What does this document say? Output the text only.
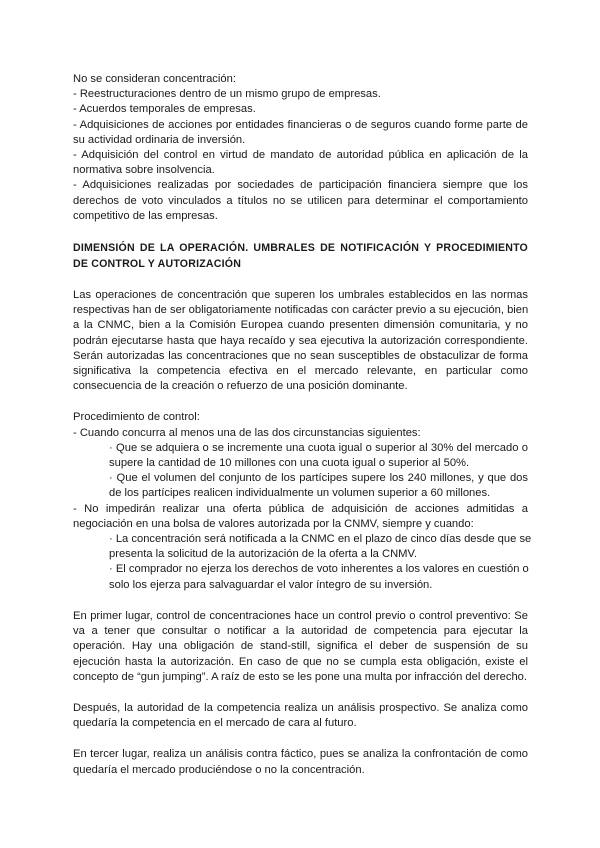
No se consideran concentración:
- Reestructuraciones dentro de un mismo grupo de empresas.
- Acuerdos temporales de empresas.
- Adquisiciones de acciones por entidades financieras o de seguros cuando forme parte de
su actividad ordinaria de inversión.
- Adquisición del control en virtud de mandato de autoridad pública en aplicación de la
normativa sobre insolvencia.
- Adquisiciones realizadas por sociedades de participación financiera siempre que los
derechos de voto vinculados a títulos no se utilicen para determinar el comportamiento
competitivo de las empresas.
DIMENSIÓN DE LA OPERACIÓN. UMBRALES DE NOTIFICACIÓN Y PROCEDIMIENTO
DE CONTROL Y AUTORIZACIÓN
Las operaciones de concentración que superen los umbrales establecidos en las normas
respectivas han de ser obligatoriamente notificadas con carácter previo a su ejecución, bien
a la CNMC, bien a la Comisión Europea cuando presenten dimensión comunitaria, y no
podrán ejecutarse hasta que haya recaído y sea ejecutiva la autorización correspondiente.
Serán autorizadas las concentraciones que no sean susceptibles de obstaculizar de forma
significativa la competencia efectiva en el mercado relevante, en particular como
consecuencia de la creación o refuerzo de una posición dominante.
Procedimiento de control:
- Cuando concurra al menos una de las dos circunstancias siguientes:
· Que se adquiera o se incremente una cuota igual o superior al 30% del mercado o
supere la cantidad de 10 millones con una cuota igual o superior al 50%.
· Que el volumen del conjunto de los partícipes supere los 240 millones, y que dos
de los partícipes realicen individualmente un volumen superior a 60 millones.
- No impedirán realizar una oferta pública de adquisición de acciones admitidas a
negociación en una bolsa de valores autorizada por la CNMV, siempre y cuando:
· La concentración será notificada a la CNMC en el plazo de cinco días desde que se
presenta la solicitud de la autorización de la oferta a la CNMV.
· El comprador no ejerza los derechos de voto inherentes a los valores en cuestión o
solo los ejerza para salvaguardar el valor íntegro de su inversión.
En primer lugar, control de concentraciones hace un control previo o control preventivo: Se
va a tener que consultar o notificar a la autoridad de competencia para ejecutar la
operación. Hay una obligación de stand-still, significa el deber de suspensión de su
ejecución hasta la autorización. En caso de que no se cumpla esta obligación, existe el
concepto de “gun jumping”. A raíz de esto se les pone una multa por infracción del derecho.
Después, la autoridad de la competencia realiza un análisis prospectivo. Se analiza como
quedaría la competencia en el mercado de cara al futuro.
En tercer lugar, realiza un análisis contra fáctico, pues se analiza la confrontación de como
quedaría el mercado produciéndose o no la concentración.
